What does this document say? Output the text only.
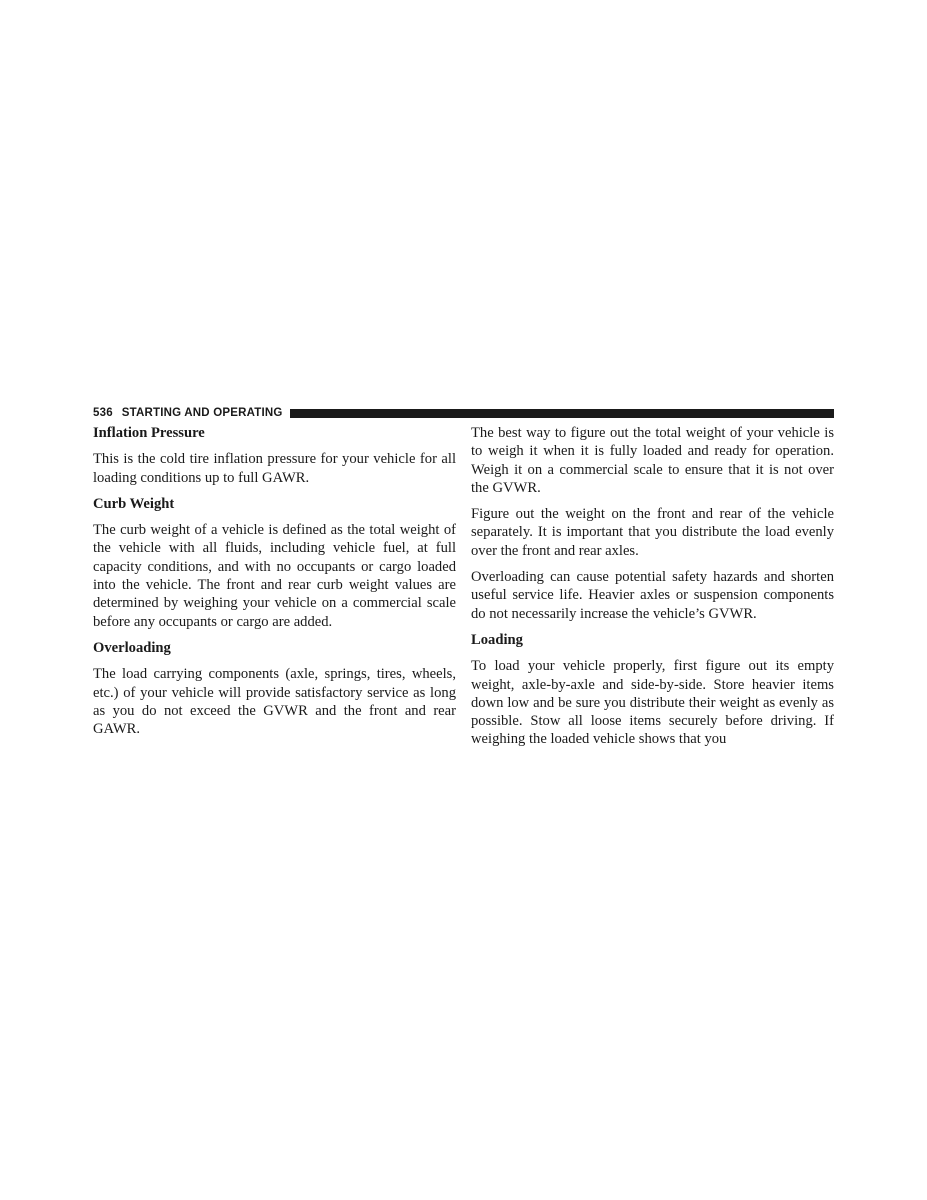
536 STARTING AND OPERATING
Inflation Pressure

This is the cold tire inflation pressure for your vehicle for all loading conditions up to full GAWR.

Curb Weight

The curb weight of a vehicle is defined as the total weight of the vehicle with all fluids, including vehicle fuel, at full capacity conditions, and with no occupants or cargo loaded into the vehicle. The front and rear curb weight values are determined by weighing your vehicle on a commercial scale before any occupants or cargo are added.

Overloading

The load carrying components (axle, springs, tires, wheels, etc.) of your vehicle will provide satisfactory service as long as you do not exceed the GVWR and the front and rear GAWR.

The best way to figure out the total weight of your vehicle is to weigh it when it is fully loaded and ready for operation. Weigh it on a commercial scale to ensure that it is not over the GVWR.

Figure out the weight on the front and rear of the vehicle separately. It is important that you distribute the load evenly over the front and rear axles.

Overloading can cause potential safety hazards and shorten useful service life. Heavier axles or suspension components do not necessarily increase the vehicle’s GVWR.

Loading

To load your vehicle properly, first figure out its empty weight, axle-by-axle and side-by-side. Store heavier items down low and be sure you distribute their weight as evenly as possible. Stow all loose items securely before driving. If weighing the loaded vehicle shows that you
